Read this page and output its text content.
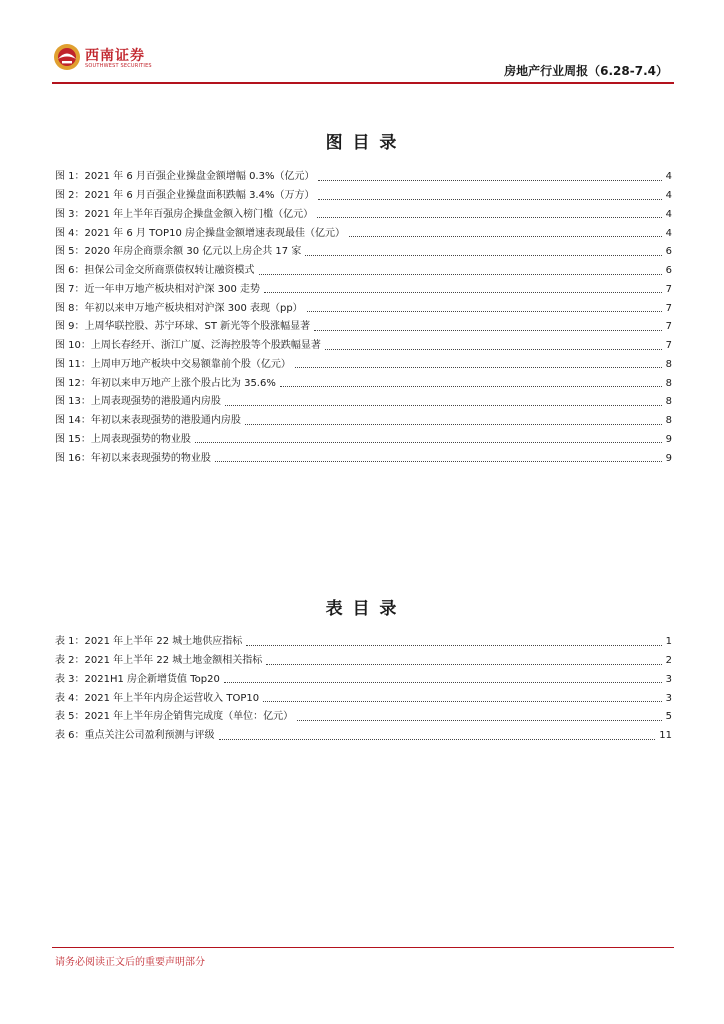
西南证券
SOUTHWEST SECURITIES	房地产行业周报（6.28-7.4）
图 目 录
图 1：2021 年 6 月百强企业操盘金额增幅 0.3%（亿元）	4
图 2：2021 年 6 月百强企业操盘面积跌幅 3.4%（万方）	4
图 3：2021 年上半年百强房企操盘金额入榜门槛（亿元）	4
图 4：2021 年 6 月 TOP10 房企操盘金额增速表现最佳（亿元）	4
图 5：2020 年房企商票余额 30 亿元以上房企共 17 家	6
图 6：担保公司金交所商票债权转让融资模式	6
图 7：近一年申万地产板块相对沪深 300 走势	7
图 8：年初以来申万地产板块相对沪深 300 表现（pp）	7
图 9：上周华联控股、苏宁环球、ST 新光等个股涨幅显著	7
图 10：上周长春经开、浙江广厦、泛海控股等个股跌幅显著	7
图 11：上周申万地产板块中交易额靠前个股（亿元）	8
图 12：年初以来申万地产上涨个股占比为 35.6%	8
图 13：上周表现强势的港股通内房股	8
图 14：年初以来表现强势的港股通内房股	8
图 15：上周表现强势的物业股	9
图 16：年初以来表现强势的物业股	9
表 目 录
表 1：2021 年上半年 22 城土地供应指标	1
表 2：2021 年上半年 22 城土地金额相关指标	2
表 3：2021H1 房企新增货值 Top20	3
表 4：2021 年上半年内房企运营收入 TOP10	3
表 5：2021 年上半年房企销售完成度（单位：亿元）	5
表 6：重点关注公司盈利预测与评级	11
请务必阅读正文后的重要声明部分
